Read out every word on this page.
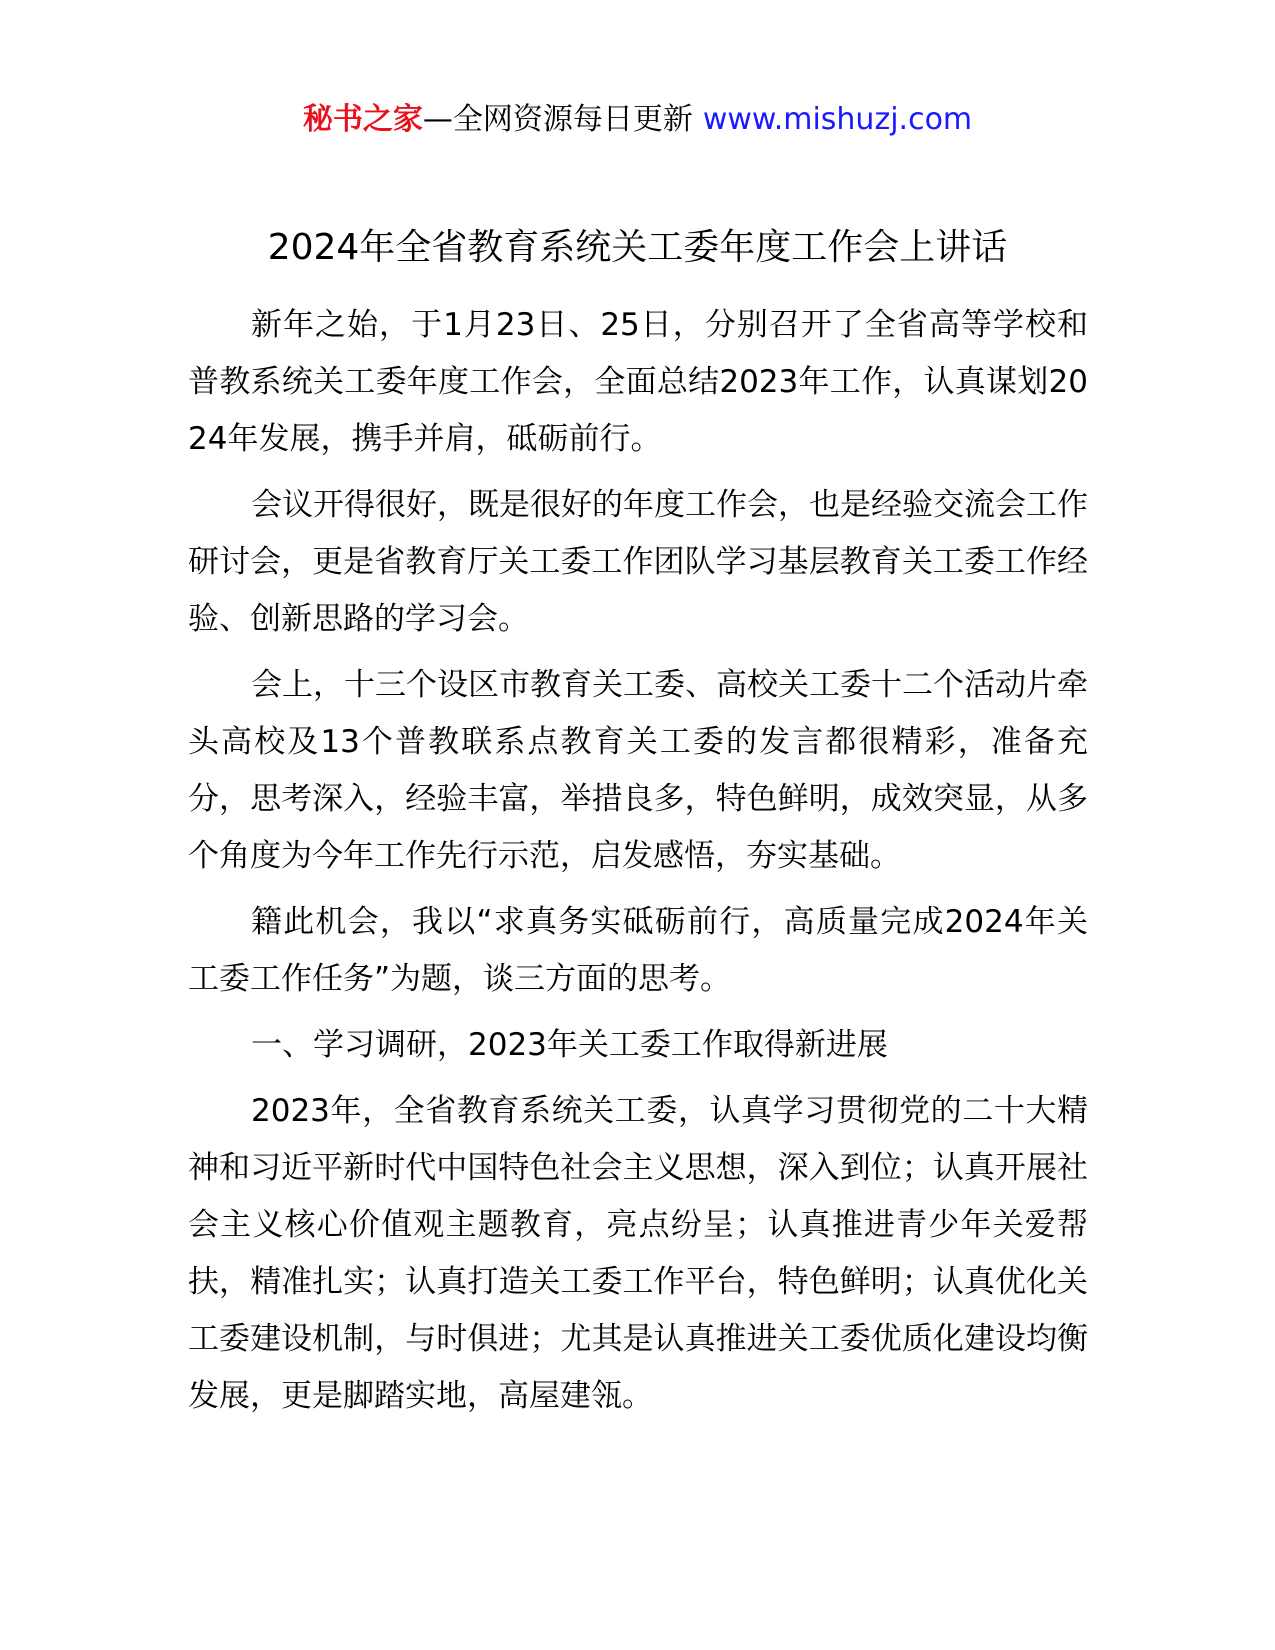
秘书之家—全网资源每日更新 www.mishuzj.com
2024年全省教育系统关工委年度工作会上讲话

新年之始，于1月23日、25日，分别召开了全省高等学校和普教系统关工委年度工作会，全面总结2023年工作，认真谋划2024年发展，携手并肩，砥砺前行。

会议开得很好，既是很好的年度工作会，也是经验交流会工作研讨会，更是省教育厅关工委工作团队学习基层教育关工委工作经验、创新思路的学习会。

会上，十三个设区市教育关工委、高校关工委十二个活动片牵头高校及13个普教联系点教育关工委的发言都很精彩，准备充分，思考深入，经验丰富，举措良多，特色鲜明，成效突显，从多个角度为今年工作先行示范，启发感悟，夯实基础。

籍此机会，我以“求真务实砥砺前行，高质量完成2024年关工委工作任务”为题，谈三方面的思考。

一、学习调研，2023年关工委工作取得新进展

2023年，全省教育系统关工委，认真学习贯彻党的二十大精神和习近平新时代中国特色社会主义思想，深入到位；认真开展社会主义核心价值观主题教育，亮点纷呈；认真推进青少年关爱帮扶，精准扎实；认真打造关工委工作平台，特色鲜明；认真优化关工委建设机制，与时俱进；尤其是认真推进关工委优质化建设均衡发展，更是脚踏实地，高屋建瓴。
